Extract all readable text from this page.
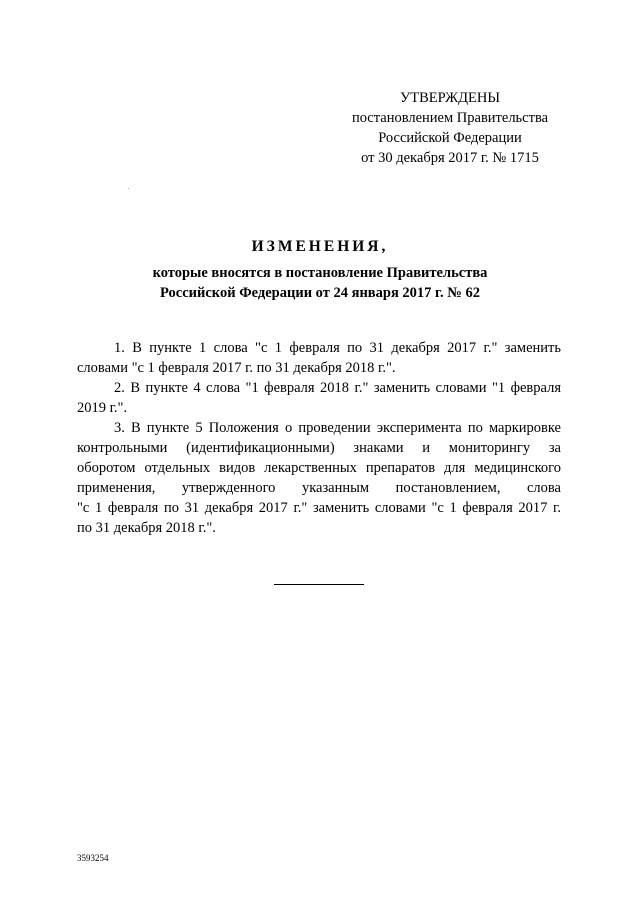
УТВЕРЖДЕНЫ
постановлением Правительства
Российской Федерации
от 30 декабря 2017 г. № 1715
ИЗМЕНЕНИЯ,
которые вносятся в постановление Правительства
Российской Федерации от 24 января 2017 г. № 62
1. В пункте 1 слова "с 1 февраля по 31 декабря 2017 г." заменить
словами "с 1 февраля 2017 г. по 31 декабря 2018 г.".
2. В пункте 4 слова "1 февраля 2018 г." заменить словами "1 февраля
2019 г.".
3. В пункте 5 Положения о проведении эксперимента по маркировке
контрольными (идентификационными) знаками и мониторингу за
оборотом отдельных видов лекарственных препаратов для медицинского
применения, утвержденного указанным постановлением, слова
"с 1 февраля по 31 декабря 2017 г." заменить словами "с 1 февраля 2017 г.
по 31 декабря 2018 г.".
3593254
